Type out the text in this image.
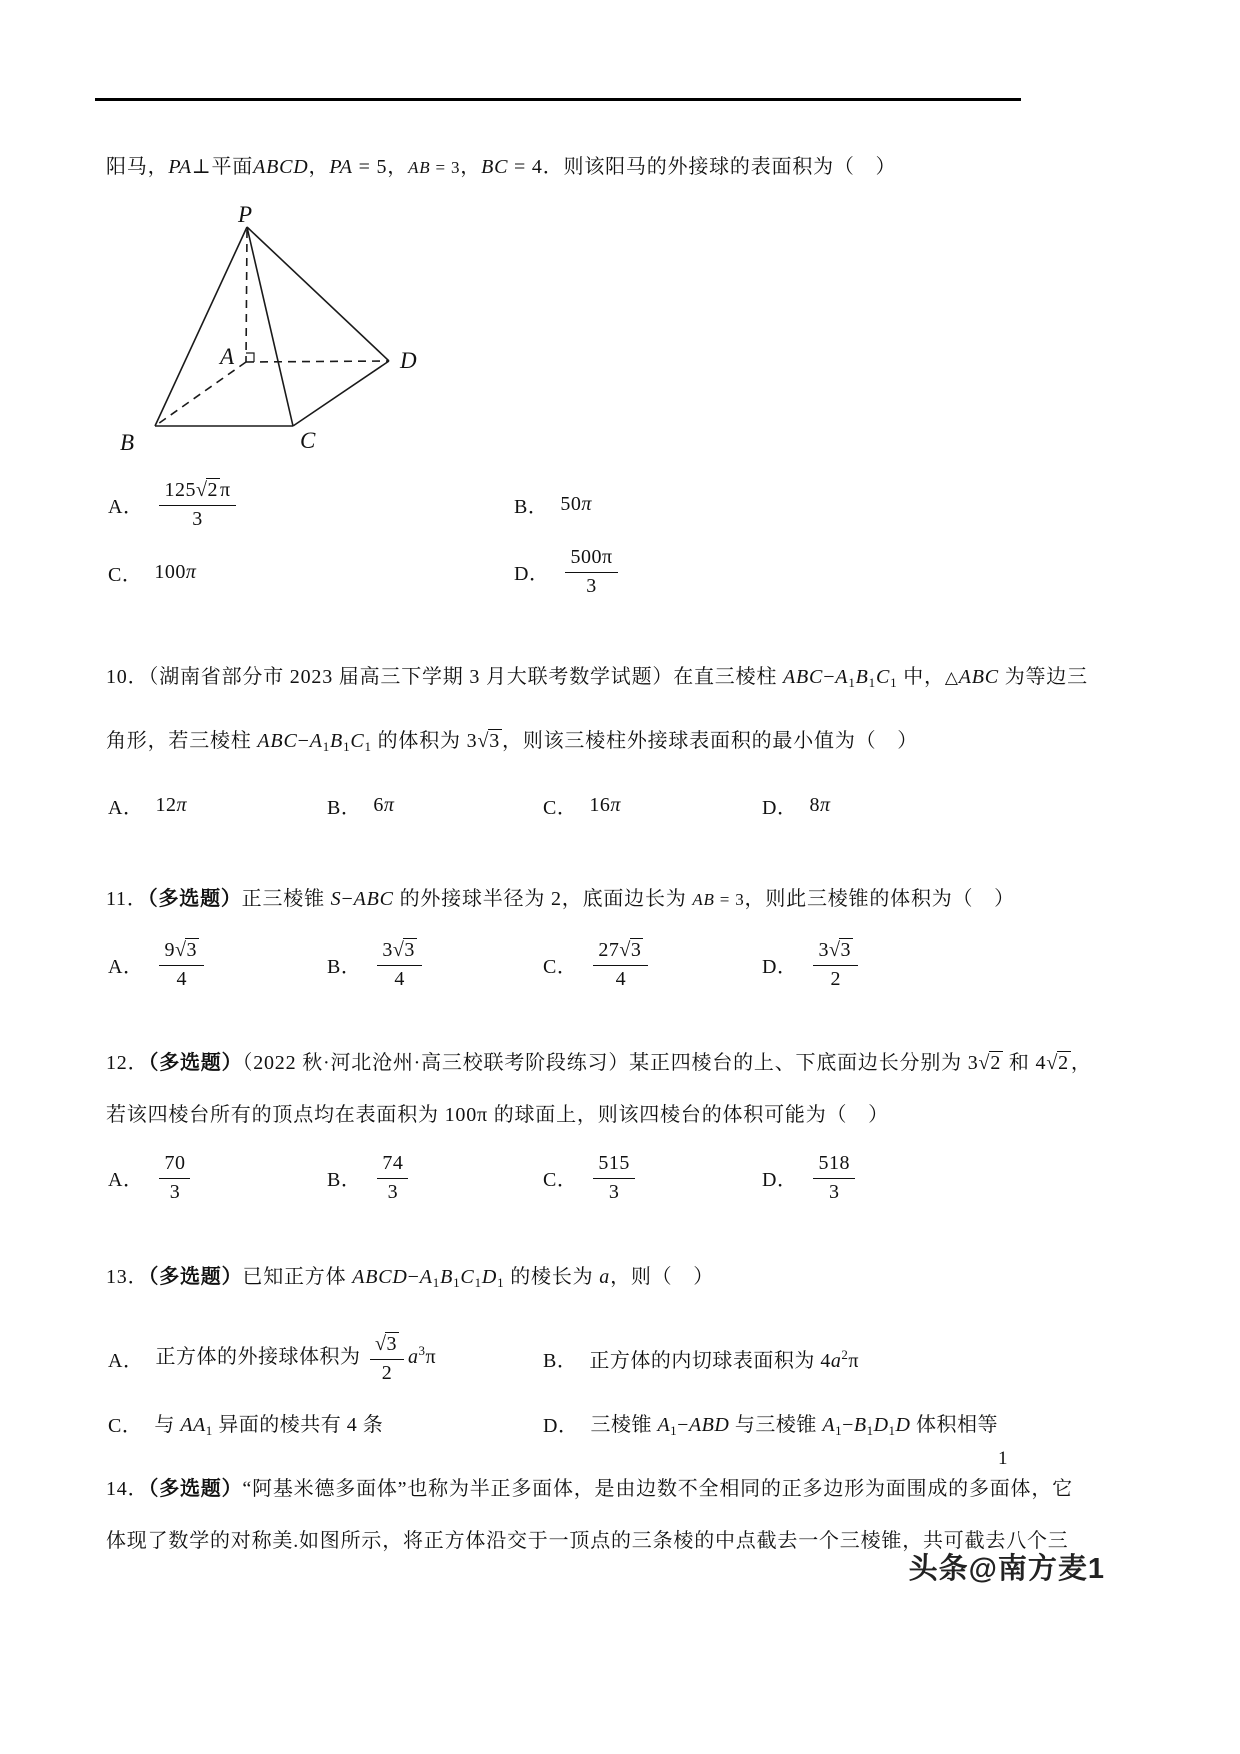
阳马，PA⊥平面ABCD，PA = 5，AB = 3，BC = 4．则该阳马的外接球的表面积为（　）
P
A
B	C
D
A． $\frac{125√2 \pi}{3}$	B． 50π
C． 100π	D． $\frac{500\pi}{3}$
10．（湖南省部分市 2023 届高三下学期 3 月大联考数学试题）在直三棱柱 $ABC-A_1B_1C_1$ 中，△ABC 为等边三
角形，若三棱柱 $ABC-A_1B_1C_1$ 的体积为 3√3 ，则该三棱柱外接球表面积的最小值为（　）
A． 12π	B． 6π	C． 16π	D． 8π
11．（多选题）正三棱锥 S−ABC 的外接球半径为 2，底面边长为 AB = 3，则此三棱锥的体积为（　）
A． $\frac{9√3}{4}$	B． $\frac{3√3}{4}$	C． $\frac{27√3}{4}$	D． $\frac{3√3}{2}$
12．（多选题）（2022 秋·河北沧州·高三校联考阶段练习）某正四棱台的上、下底面边长分别为 3√2 和 4√2 ，
若该四棱台所有的顶点均在表面积为 100π 的球面上，则该四棱台的体积可能为（　）
A． $\frac{70}{3}$	B． $\frac{74}{3}$	C． $\frac{515}{3}$	D． $\frac{518}{3}$
13．（多选题）已知正方体 $ABCD-A_1B_1C_1D_1$ 的棱长为 a，则（　）
A． 正方体的外接球体积为 $\frac{√3}{2} a^3\pi$	B． 正方体的内切球表面积为 $4a^2\pi$
C． 与 $AA_1$ 异面的棱共有 4 条	D． 三棱锥 $A_1-ABD$ 与三棱锥 $A_1-B_1D_1D$ 体积相等
14．（多选题）“阿基米德多面体”也称为半正多面体，是由边数不全相同的正多边形为面围成的多面体，它
体现了数学的对称美.如图所示，将正方体沿交于一顶点的三条棱的中点截去一个三棱锥，共可截去八个三
1
头条@南方麦1
